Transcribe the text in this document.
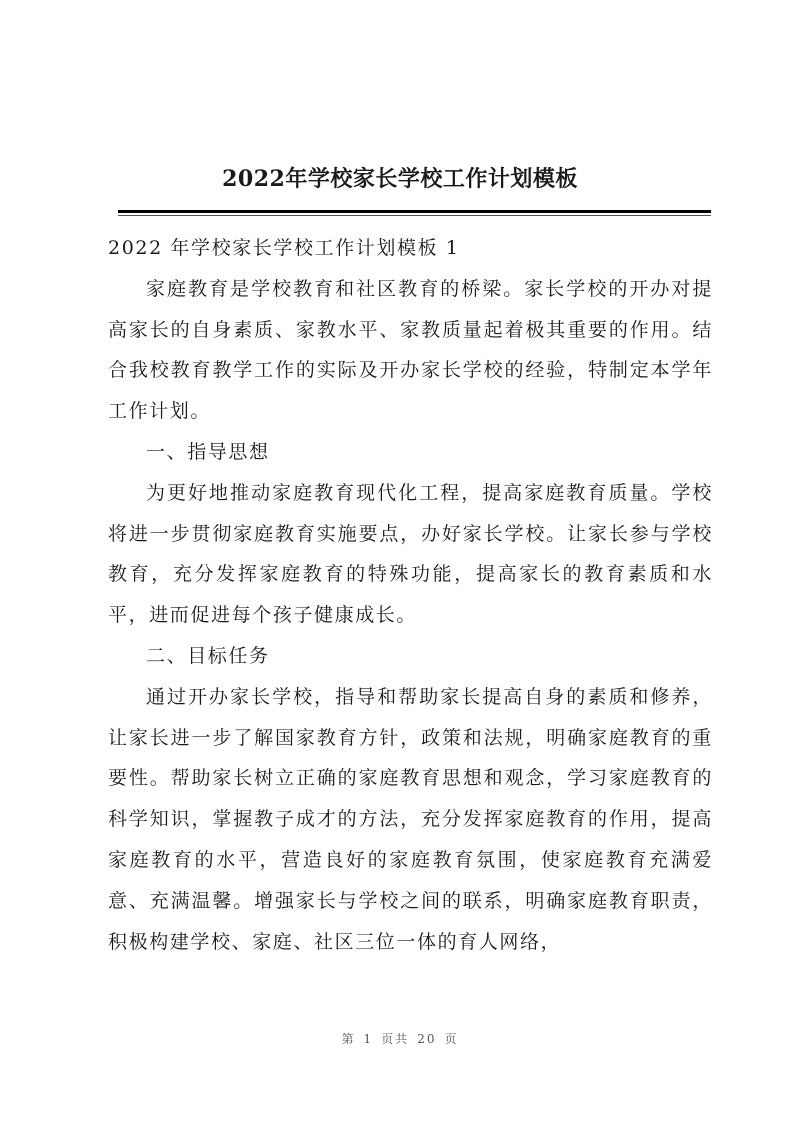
2022年学校家长学校工作计划模板

2022 年学校家长学校工作计划模板 1

家庭教育是学校教育和社区教育的桥梁。家长学校的开办对提高家长的自身素质、家教水平、家教质量起着极其重要的作用。结合我校教育教学工作的实际及开办家长学校的经验，特制定本学年工作计划。

一、指导思想

为更好地推动家庭教育现代化工程，提高家庭教育质量。学校将进一步贯彻家庭教育实施要点，办好家长学校。让家长参与学校教育，充分发挥家庭教育的特殊功能，提高家长的教育素质和水平，进而促进每个孩子健康成长。

二、目标任务

通过开办家长学校，指导和帮助家长提高自身的素质和修养，让家长进一步了解国家教育方针，政策和法规，明确家庭教育的重要性。帮助家长树立正确的家庭教育思想和观念，学习家庭教育的科学知识，掌握教子成才的方法，充分发挥家庭教育的作用，提高家庭教育的水平，营造良好的家庭教育氛围，使家庭教育充满爱意、充满温馨。增强家长与学校之间的联系，明确家庭教育职责，积极构建学校、家庭、社区三位一体的育人网络，

第 1 页共 20 页
